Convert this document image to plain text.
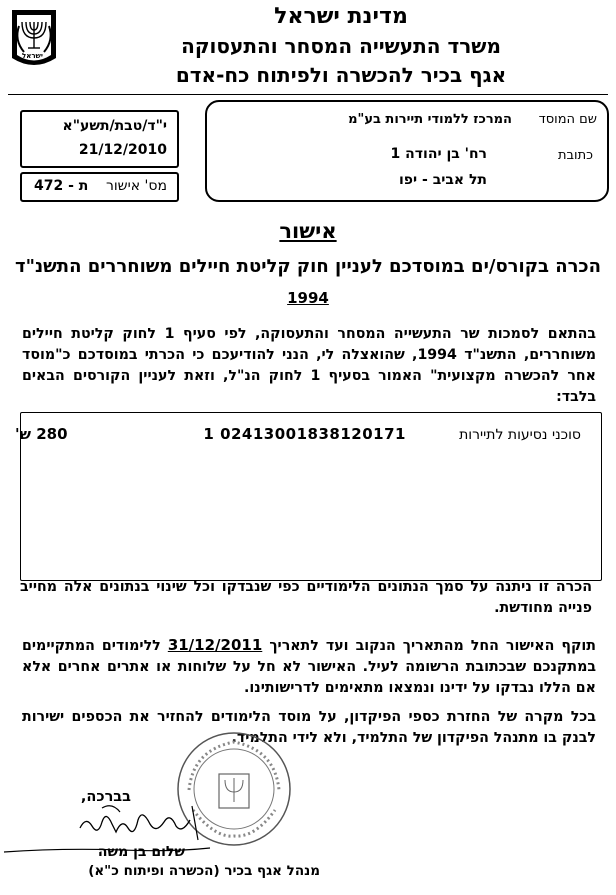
ישראל
מדינת ישראל
משרד התעשייה המסחר והתעסוקה
אגף בכיר להכשרה ולפיתוח כח-אדם
י"ד/טבת/תשע"א
21/12/2010
מס' אישור
ת - 472
שם המוסד
המרכז ללמודי תיירות בע"מ
כתובת
רח' בן יהודה 1
תל אביב - יפו
אישור
הכרה בקורס/ים במוסדכם לעניין חוק קליטת חיילים משוחררים התשנ"ד
1994
בהתאם לסמכות שר התעשייה המסחר והתעסוקה, לפי סעיף 1 לחוק קליטת חיילים משוחררים, התשנ"ד 1994, שהואצלה לי, הנני להודיעכם כי הכרתי במוסדכם כ"מוסד אחר להכשרה מקצועית" האמור בסעיף 1 לחוק הנ"ל, וזאת לעניין הקורסים הבאים בלבד:
סוכני נסיעות לתיירות
02413001838120171 1
280 ש'
הכרה זו ניתנה על סמך הנתונים הלימודיים כפי שנבדקו וכל שינוי בנתונים אלה מחייב פנייה מחודשת.
תוקף האישור החל מהתאריך הנקוב ועד לתאריך 31/12/2011 ללימודים המתקיימים במתקנכם שבכתובת הרשומה לעיל. האישור לא חל על שלוחות או אתרים אחרים אלא אם הללו נבדקו על ידינו ונמצאו מתאימים לדרישותינו.
בכל מקרה של החזרת כספי הפיקדון, על מוסד הלימודים להחזיר את הכספים ישירות לבנק בו מתנהל הפיקדון של התלמיד, ולא לידי התלמיד.
בברכה,
שלום בן משה
מנהל אגף בכיר (הכשרה ופיתוח כ"א)
